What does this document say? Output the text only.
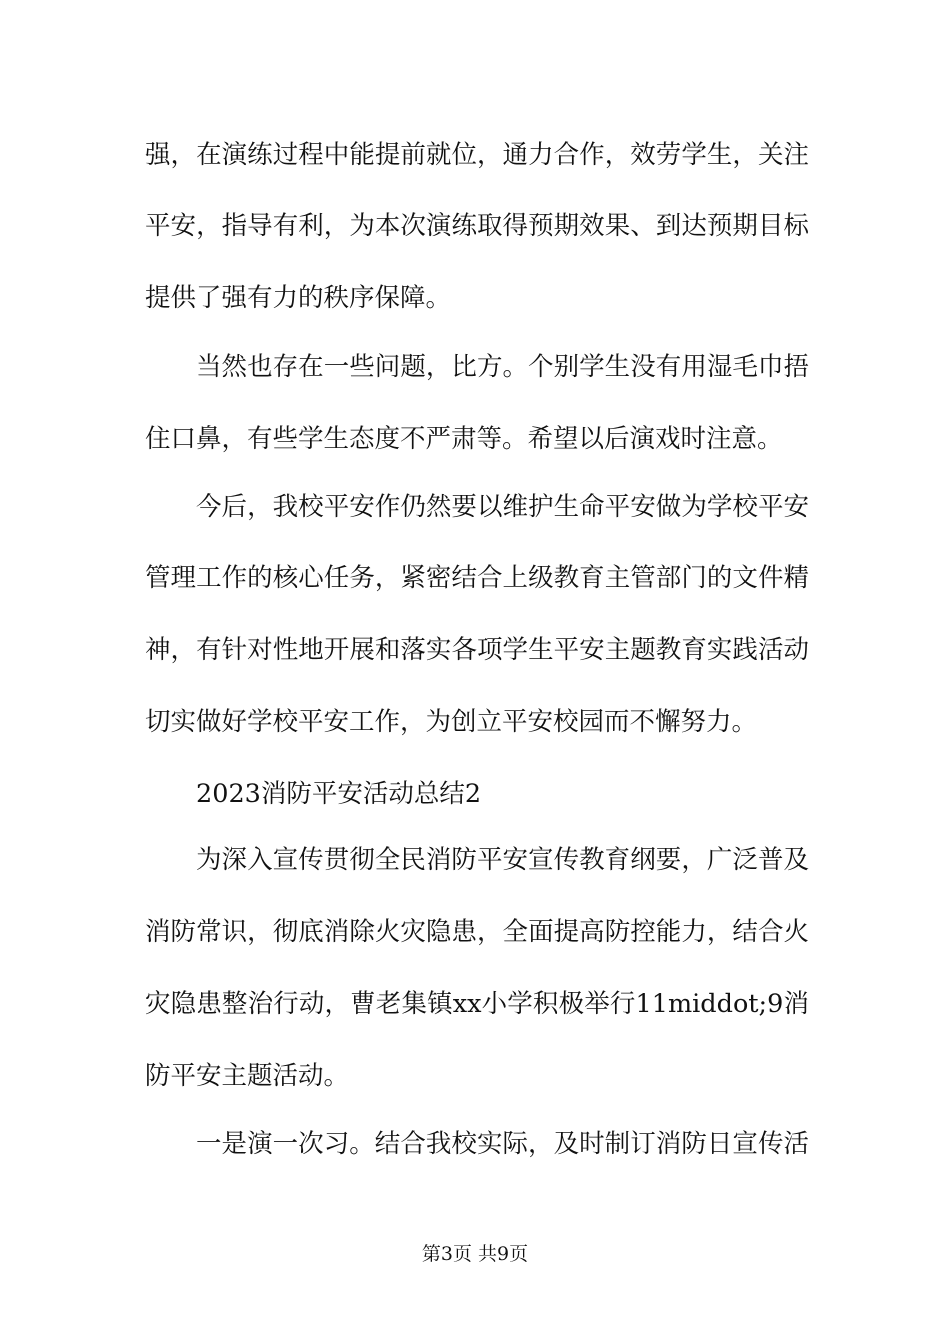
强，在演练过程中能提前就位，通力合作，效劳学生，关注
平安，指导有利，为本次演练取得预期效果、到达预期目标
提供了强有力的秩序保障。
当然也存在一些问题，比方。个别学生没有用湿毛巾捂
住口鼻，有些学生态度不严肃等。希望以后演戏时注意。
今后，我校平安作仍然要以维护生命平安做为学校平安
管理工作的核心任务，紧密结合上级教育主管部门的文件精
神，有针对性地开展和落实各项学生平安主题教育实践活动
切实做好学校平安工作，为创立平安校园而不懈努力。
2023消防平安活动总结2
为深入宣传贯彻全民消防平安宣传教育纲要，广泛普及
消防常识，彻底消除火灾隐患，全面提高防控能力，结合火
灾隐患整治行动，曹老集镇xx小学积极举行11middot;9消
防平安主题活动。
一是演一次习。结合我校实际，及时制订消防日宣传活
第3页 共9页
